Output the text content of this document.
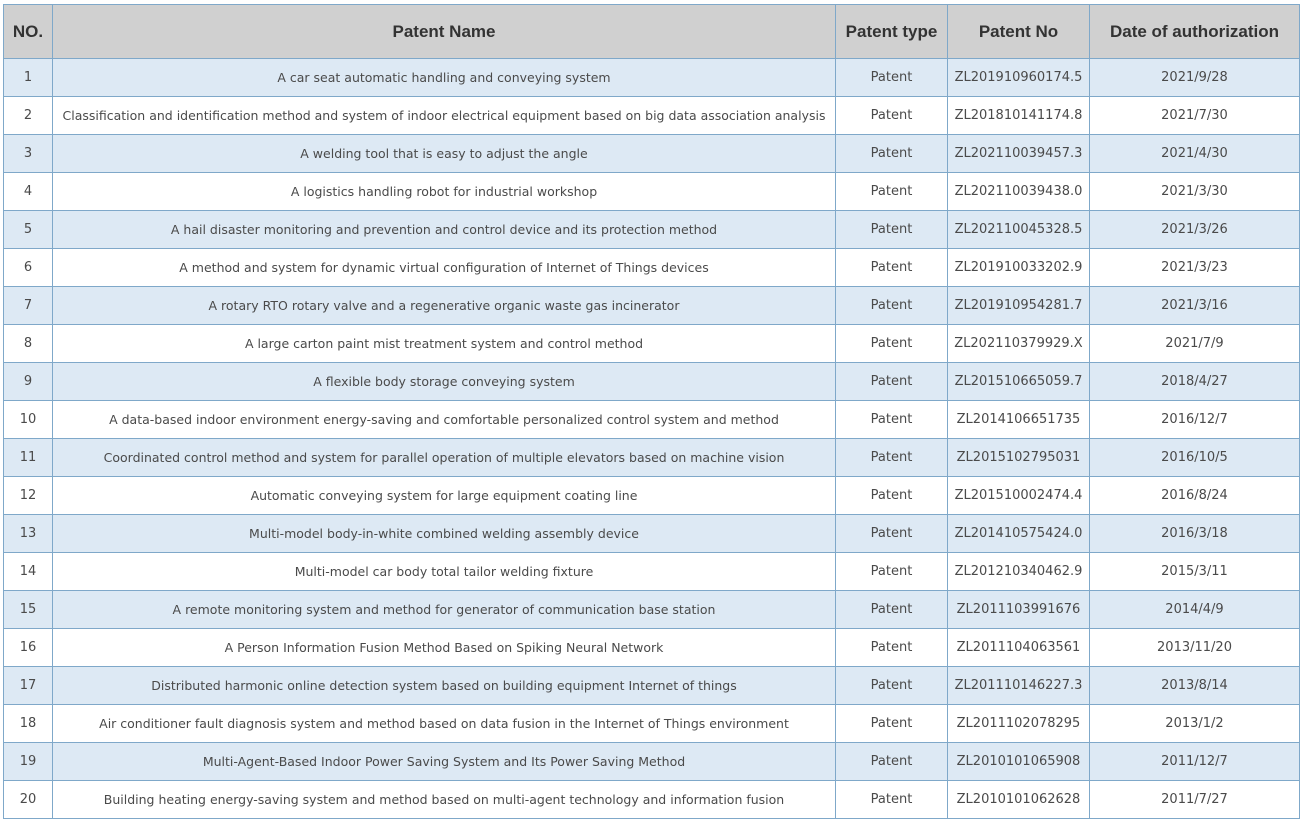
NO.	Patent Name	Patent type	Patent No	Date of authorization
1	A car seat automatic handling and conveying system	Patent	ZL201910960174.5	2021/9/28
2	Classification and identification method and system of indoor electrical equipment based on big data association analysis	Patent	ZL201810141174.8	2021/7/30
3	A welding tool that is easy to adjust the angle	Patent	ZL202110039457.3	2021/4/30
4	A logistics handling robot for industrial workshop	Patent	ZL202110039438.0	2021/3/30
5	A hail disaster monitoring and prevention and control device and its protection method	Patent	ZL202110045328.5	2021/3/26
6	A method and system for dynamic virtual configuration of Internet of Things devices	Patent	ZL201910033202.9	2021/3/23
7	A rotary RTO rotary valve and a regenerative organic waste gas incinerator	Patent	ZL201910954281.7	2021/3/16
8	A large carton paint mist treatment system and control method	Patent	ZL202110379929.X	2021/7/9
9	A flexible body storage conveying system	Patent	ZL201510665059.7	2018/4/27
10	A data-based indoor environment energy-saving and comfortable personalized control system and method	Patent	ZL2014106651735	2016/12/7
11	Coordinated control method and system for parallel operation of multiple elevators based on machine vision	Patent	ZL2015102795031	2016/10/5
12	Automatic conveying system for large equipment coating line	Patent	ZL201510002474.4	2016/8/24
13	Multi-model body-in-white combined welding assembly device	Patent	ZL201410575424.0	2016/3/18
14	Multi-model car body total tailor welding fixture	Patent	ZL201210340462.9	2015/3/11
15	A remote monitoring system and method for generator of communication base station	Patent	ZL2011103991676	2014/4/9
16	A Person Information Fusion Method Based on Spiking Neural Network	Patent	ZL2011104063561	2013/11/20
17	Distributed harmonic online detection system based on building equipment Internet of things	Patent	ZL201110146227.3	2013/8/14
18	Air conditioner fault diagnosis system and method based on data fusion in the Internet of Things environment	Patent	ZL2011102078295	2013/1/2
19	Multi-Agent-Based Indoor Power Saving System and Its Power Saving Method	Patent	ZL2010101065908	2011/12/7
20	Building heating energy-saving system and method based on multi-agent technology and information fusion	Patent	ZL2010101062628	2011/7/27
